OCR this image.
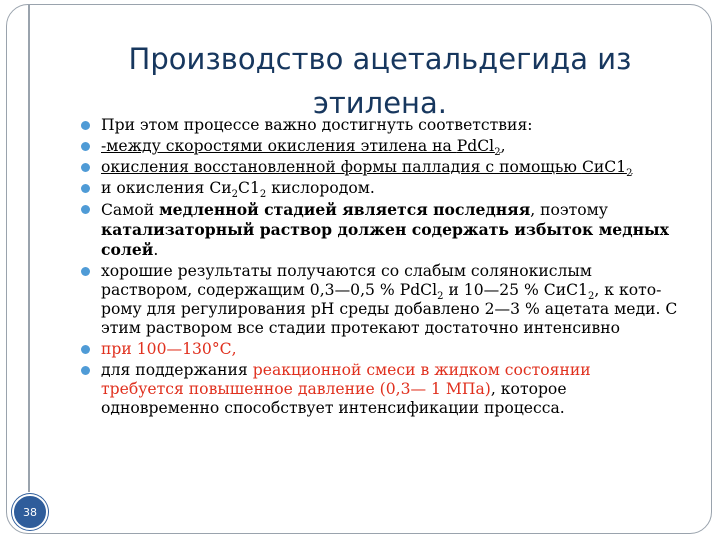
Производство ацетальдегида из
этилена.
При этом процессе важно достигнуть соответствия:
-между скоростями окисления этилена на PdCl$_2$,
окисления восстановленной формы палладия с помощью $СиС1_2$
и окисления $Си_2С1_2$ кислородом.
Самой медленной стадией является последняя, поэтому катализаторный раствор должен содержать избыток медных солей.
хорошие результаты получаются со слабым солянокислым раствором, содержащим 0,3—0,5 % PdCl$_2$ и 10—25 % $СиС1_2$, к кото-рому для регулирования рН среды добавлено 2—3 % ацетата меди. С этим раствором все стадии протекают достаточно интенсивно
при 100—130°С,
для поддержания реакционной смеси в жидком состоянии требуется повышенное давление (0,3— 1 МПа), которое одновременно способствует интенсификации процесса.
38
